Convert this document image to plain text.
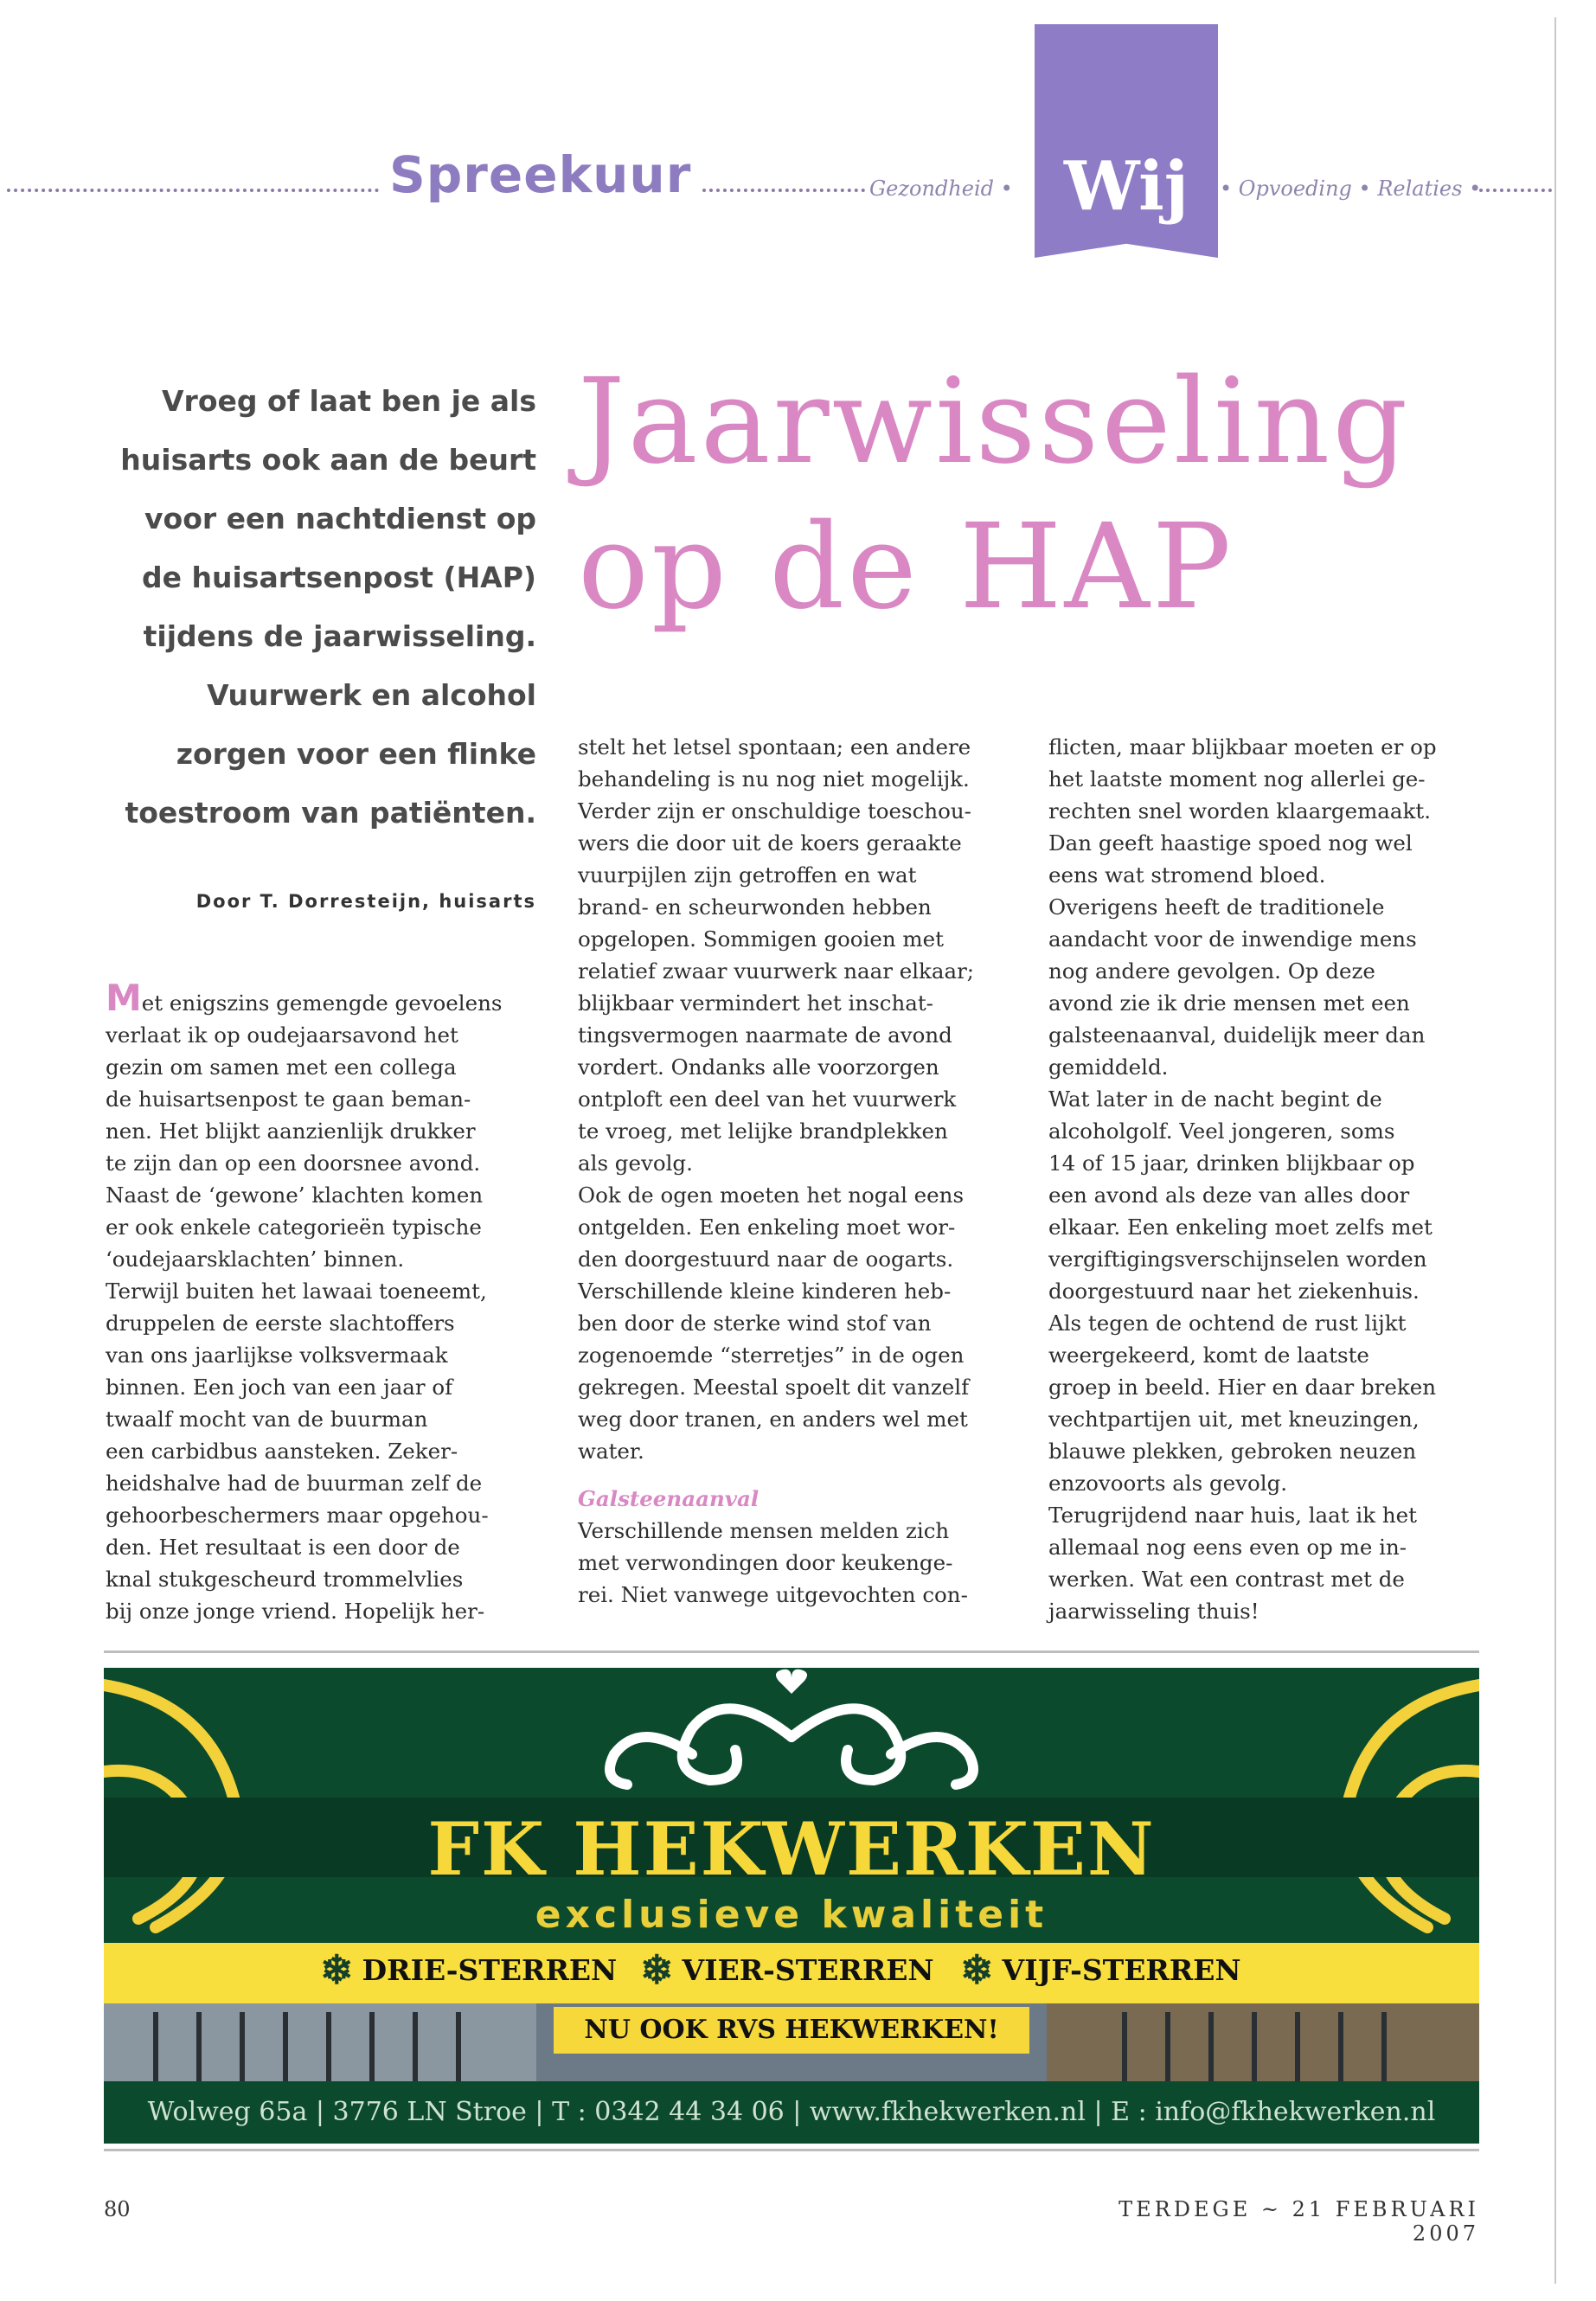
Spreekuur	Gezondheid • Wij	• Opvoeding • Relaties •
Jaarwisseling
op de HAP
Vroeg of laat ben je als
huisarts ook aan de beurt
voor een nachtdienst op
de huisartsenpost (HAP)
tijdens de jaarwisseling.
Vuurwerk en alcohol
zorgen voor een flinke
toestroom van patiënten.
Door T. Dorresteijn, huisarts
Met enigszins gemengde gevoelens
verlaat ik op oudejaarsavond het
gezin om samen met een collega
de huisartsenpost te gaan beman-
nen. Het blijkt aanzienlijk drukker
te zijn dan op een doorsnee avond.
Naast de ‘gewone’ klachten komen
er ook enkele categorieën typische
‘oudejaarsklachten’ binnen.
Terwijl buiten het lawaai toeneemt,
druppelen de eerste slachtoffers
van ons jaarlijkse volksvermaak
binnen. Een joch van een jaar of
twaalf mocht van de buurman
een carbidbus aansteken. Zeker-
heidshalve had de buurman zelf de
gehoorbeschermers maar opgehou-
den. Het resultaat is een door de
knal stukgescheurd trommelvlies
bij onze jonge vriend. Hopelijk her-
stelt het letsel spontaan; een andere
behandeling is nu nog niet mogelijk.
Verder zijn er onschuldige toeschou-
wers die door uit de koers geraakte
vuurpijlen zijn getroffen en wat
brand- en scheurwonden hebben
opgelopen. Sommigen gooien met
relatief zwaar vuurwerk naar elkaar;
blijkbaar vermindert het inschat-
tingsvermogen naarmate de avond
vordert. Ondanks alle voorzorgen
ontploft een deel van het vuurwerk
te vroeg, met lelijke brandplekken
als gevolg.
Ook de ogen moeten het nogal eens
ontgelden. Een enkeling moet wor-
den doorgestuurd naar de oogarts.
Verschillende kleine kinderen heb-
ben door de sterke wind stof van
zogenoemde “sterretjes” in de ogen
gekregen. Meestal spoelt dit vanzelf
weg door tranen, en anders wel met
water.
Galsteenaanval
Verschillende mensen melden zich
met verwondingen door keukenge-
rei. Niet vanwege uitgevochten con-
flicten, maar blijkbaar moeten er op
het laatste moment nog allerlei ge-
rechten snel worden klaargemaakt.
Dan geeft haastige spoed nog wel
eens wat stromend bloed.
Overigens heeft de traditionele
aandacht voor de inwendige mens
nog andere gevolgen. Op deze
avond zie ik drie mensen met een
galsteenaanval, duidelijk meer dan
gemiddeld.
Wat later in de nacht begint de
alcoholgolf. Veel jongeren, soms
14 of 15 jaar, drinken blijkbaar op
een avond als deze van alles door
elkaar. Een enkeling moet zelfs met
vergiftigingsverschijnselen worden
doorgestuurd naar het ziekenhuis.
Als tegen de ochtend de rust lijkt
weergekeerd, komt de laatste
groep in beeld. Hier en daar breken
vechtpartijen uit, met kneuzingen,
blauwe plekken, gebroken neuzen
enzovoorts als gevolg.
Terugrijdend naar huis, laat ik het
allemaal nog eens even op me in-
werken. Wat een contrast met de
jaarwisseling thuis!
FK HEKWERKEN
exclusieve kwaliteit
❄ DRIE-STERREN ❄ VIER-STERREN ❄ VIJF-STERREN
NU OOK RVS HEKWERKEN!
Wolweg 65a | 3776 LN Stroe | T : 0342 44 34 06 | www.fkhekwerken.nl | E : info@fkhekwerken.nl
80	TERDEGE ~ 21 FEBRUARI 2007
